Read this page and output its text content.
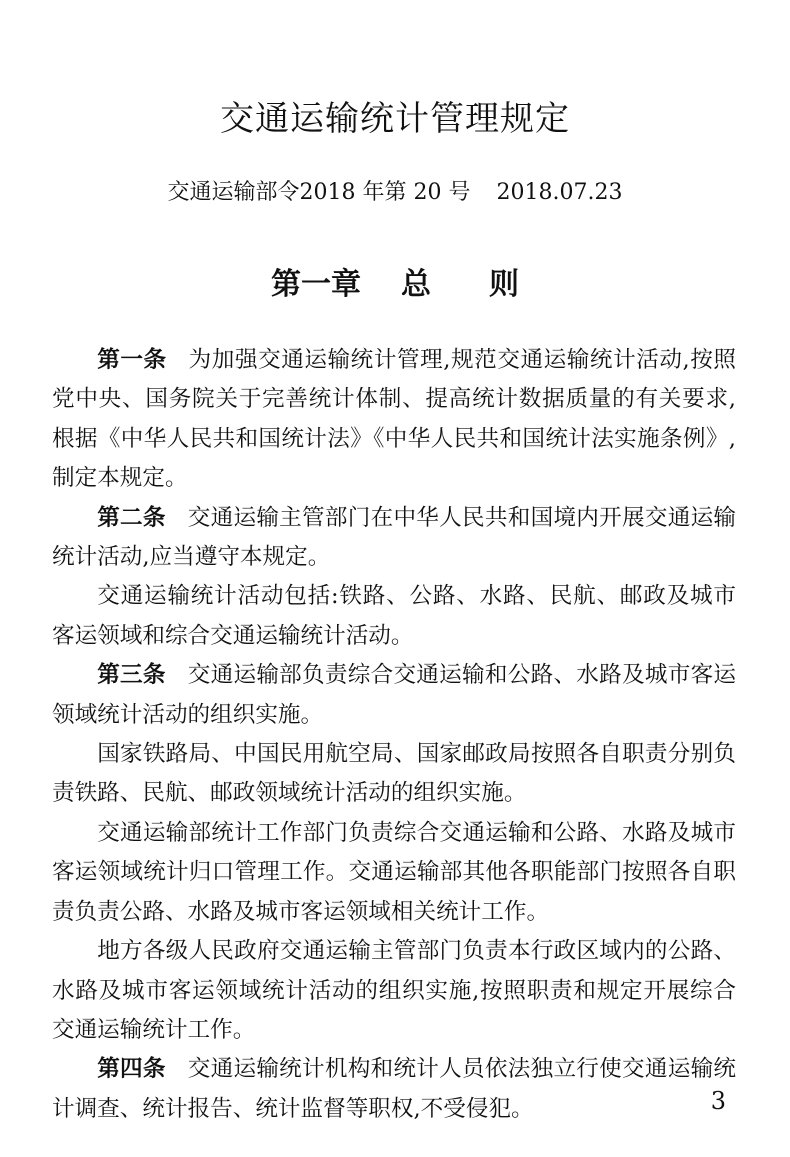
交通运输统计管理规定
交通运输部令2018 年第 20 号 2018.07.23
第一章 总 则

第一条 为加强交通运输统计管理,规范交通运输统计活动,按照党中央、国务院关于完善统计体制、提高统计数据质量的有关要求,根据《中华人民共和国统计法》《中华人民共和国统计法实施条例》,制定本规定。

第二条 交通运输主管部门在中华人民共和国境内开展交通运输统计活动,应当遵守本规定。

交通运输统计活动包括:铁路、公路、水路、民航、邮政及城市客运领域和综合交通运输统计活动。

第三条 交通运输部负责综合交通运输和公路、水路及城市客运领域统计活动的组织实施。

国家铁路局、中国民用航空局、国家邮政局按照各自职责分别负责铁路、民航、邮政领域统计活动的组织实施。

交通运输部统计工作部门负责综合交通运输和公路、水路及城市客运领域统计归口管理工作。交通运输部其他各职能部门按照各自职责负责公路、水路及城市客运领域相关统计工作。

地方各级人民政府交通运输主管部门负责本行政区域内的公路、水路及城市客运领域统计活动的组织实施,按照职责和规定开展综合交通运输统计工作。

第四条 交通运输统计机构和统计人员依法独立行使交通运输统计调查、统计报告、统计监督等职权,不受侵犯。	3
